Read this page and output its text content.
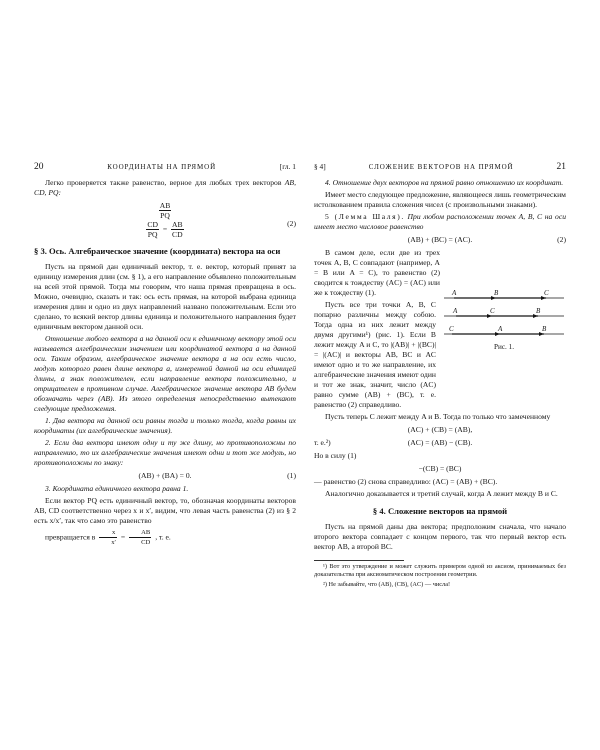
20	КООРДИНАТЫ НА ПРЯМОЙ	[гл. 1

Легко проверяется также равенство, верное для любых трех векторов AB, CD, PQ:

$\frac{AB}{PQ}$
$\frac{CD}{PQ} = \frac{AB}{CD}$	(2)
§ 3. Ось. Алгебраическое значение (координата) вектора на оси

Пусть на прямой дан единичный вектор, т. е. вектор, который принят за единицу измерения длин (см. § 1), а его направление объявлено положительным на всей этой прямой. Тогда мы говорим, что наша прямая превращена в ось. Можно, очевидно, сказать и так: ось есть прямая, на которой выбрана единица измерения длин и одно из двух направлений названо положительным. Если это сделано, то всякий вектор длины единица и положительного направления будет единичным вектором данной оси.

Отношение любого вектора a на данной оси к единичному вектору этой оси называется алгебраическим значением или координатой вектора a на данной оси. Таким образом, алгебраическое значение вектора a на оси есть число, модуль которого равен длине вектора a, измеренной данной на оси единицей длины, а знак положителен, если направление вектора положительно, и отрицателен в противном случае. Алгебраическое значение вектора AB будем обозначать через (AB). Из этого определения непосредственно вытекают следующие предложения.

1. Два вектора на данной оси равны тогда и только тогда, когда равны их координаты (их алгебраические значения).

2. Если два вектора имеют одну и ту же длину, но противоположны по направлению, то их алгебраические значения имеют одни и тот же модуль, но противоположны по знаку:

(AB) + (BA) = 0.	(1)

3. Координата единичного вектора равна 1.

Если вектор PQ есть единичный вектор, то, обозначая координаты векторов AB, CD соответственно через x и x′, видим, что левая часть равенства (2) из § 2 есть x/x′, так что само это равенство

превращается в $\frac{x}{x'} = \frac{AB}{CD}$ , т. е.

§ 4]	СЛОЖЕНИЕ ВЕКТОРОВ НА ПРЯМОЙ	21

4. Отношение двух векторов на прямой равно отношению их координат.

Имеет место следующее предложение, являющееся лишь геометрическим истолкованием правила сложения чисел (с произвольными знаками).

5 (Лемма Шаля). При любом расположении точек A, B, C на оси имеет место числовое равенство

(AB) + (BC) = (AC).	(2)

В самом деле, если две из трех точек A, B, C совпадают (например, A = B или A = C), то равенство (2) сводится к тождеству (AC) = (AC) или же к тождеству (1).	A	B	C
A	C	B
C	A	B
Рис. 1.

Пусть все три точки A, B, C попарно различны между собою. Тогда одна из них лежит между двумя другими¹) (рис. 1). Если B лежит между A и C, то |(AB)| + |(BC)| = |(AC)| и векторы AB, BC и AC имеют одно и то же направление, их алгебраические значения имеют один и тот же знак, значит, число (AC) равно сумме (AB) + (BC), т. е. равенство (2) справедливо.

Пусть теперь C лежит между A и B. Тогда по только что замеченному

(AC) + (CB) = (AB),
т. е.²)	(AC) = (AB) − (CB).

Но в силу (1)

−(CB) = (BC)

— равенство (2) снова справедливо: (AC) = (AB) + (BC).

Аналогично доказывается и третий случай, когда A лежит между B и C.

§ 4. Сложение векторов на прямой

Пусть на прямой даны два вектора; предположим сначала, что начало второго вектора совпадает с концом первого, так что первый вектор есть вектор AB, а второй BC.

¹) Вот это утверждение и может служить примером одной из аксиом, принимаемых без доказательства при аксиоматическом построении геометрии.

²) Не забывайте, что (AB), (CB), (AC) — числа!
